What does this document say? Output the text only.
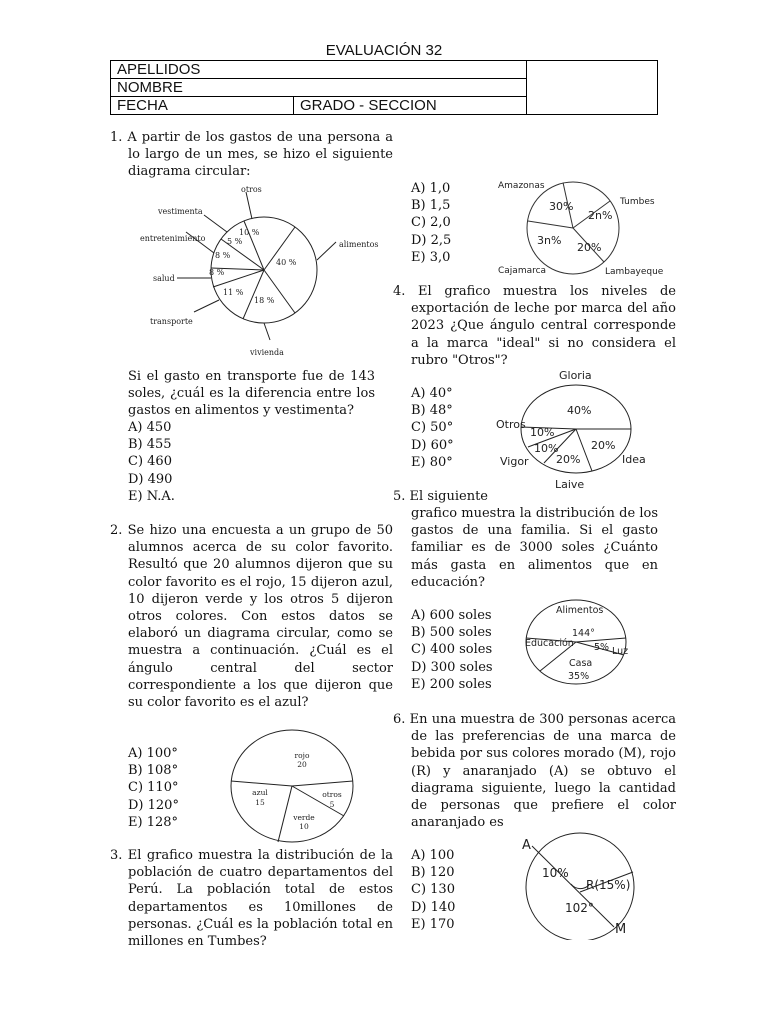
EVALUACIÓN 32
APELLIDOS		
NOMBRE		
FECHA	GRADO - SECCION	
1. A partir de los gastos de una persona a lo largo de un mes, se hizo el siguiente diagrama circular:
otros
vestimenta
entretenimiento
salud
transporte
vivienda
alimentos
40 %
18 %
11 %
8 %
8 %
5 %
10 %
Si el gasto en transporte fue de 143 soles, ¿cuál es la diferencia entre los gastos en alimentos y vestimenta?
A) 450
B) 455
C) 460
D) 490
E) N.A.
2. Se hizo una encuesta a un grupo de 50 alumnos acerca de su color favorito. Resultó que 20 alumnos dijeron que su color favorito es el rojo, 15 dijeron azul, 10 dijeron verde y los otros 5 dijeron otros colores. Con estos datos se elaboró un diagrama circular, como se muestra a continuación. ¿Cuál es el ángulo central del sector correspondiente a los que dijeron que su color favorito es el azul?
A) 100°
B) 108°
C) 110°
D) 120°
E) 128°
rojo
20
azul
15
verde
10
otros
5
3. El grafico muestra la distribución de la población de cuatro departamentos del Perú. La población total de estos departamentos es 10millones de personas. ¿Cuál es la población total en millones en Tumbes?
A) 1,0
B) 1,5
C) 2,0
D) 2,5
E) 3,0
Amazonas
Tumbes
Lambayeque
Cajamarca
30%
2n%
20%
3n%
4. El grafico muestra los niveles de exportación de leche por marca del año 2023 ¿Que ángulo central corresponde a la marca "ideal" si no considera el rubro "Otros"?
A) 40°
B) 48°
C) 50°
D) 60°
E) 80°
Gloria
Idea
Laive
Vigor
Otros
40%
20%
20%
10%
10%
5. El siguiente
grafico muestra la distribución de los gastos de una familia. Si el gasto familiar es de 3000 soles ¿Cuánto más gasta en alimentos que en educación?
A) 600 soles
B) 500 soles
C) 400 soles
D) 300 soles
E) 200 soles
Alimentos
144°
Educación 5% Luz
Casa
35%
6. En una muestra de 300 personas acerca de las preferencias de una marca de bebida por sus colores morado (M), rojo (R) y anaranjado (A) se obtuvo el diagrama siguiente, luego la cantidad de personas que prefiere el color anaranjado es
A) 100
B) 120
C) 130
D) 140
E) 170
A
M
10%
R(15%)
102°
